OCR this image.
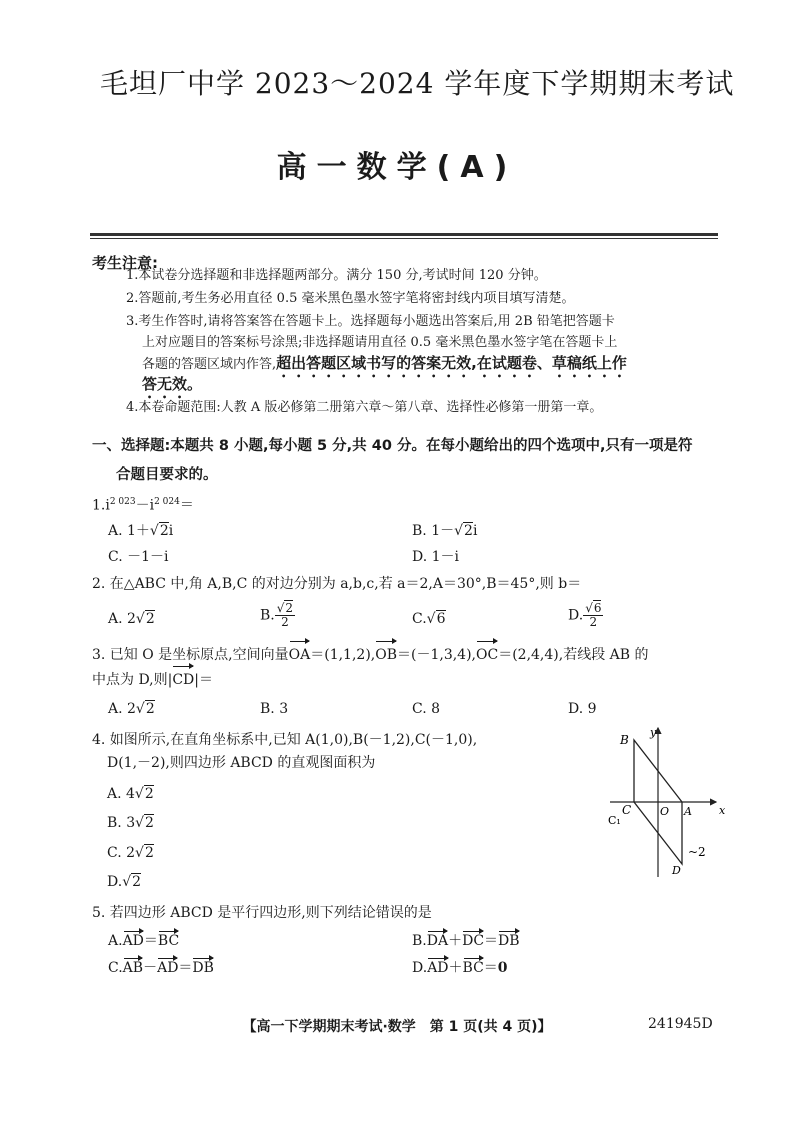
毛坦厂中学 2023～2024 学年度下学期期末考试
高一数学(A)
考生注意:
1.本试卷分选择题和非选择题两部分。满分 150 分,考试时间 120 分钟。
2.答题前,考生务必用直径 0.5 毫米黑色墨水签字笔将密封线内项目填写清楚。
3.考生作答时,请将答案答在答题卡上。选择题每小题选出答案后,用 2B 铅笔把答题卡
上对应题目的答案标号涂黑;非选择题请用直径 0.5 毫米黑色墨水签字笔在答题卡上
各题的答题区域内作答,超出答题区域书写的答案无效,在试题卷、草稿纸上作
答无效。
4.本卷命题范围:人教 A 版必修第二册第六章～第八章、选择性必修第一册第一章。
一、选择题:本题共 8 小题,每小题 5 分,共 40 分。在每小题给出的四个选项中,只有一项是符
合题目要求的。
$1.i^{2 023}-i^{2 024}=$
A. 1＋√2i	B. 1－√2i
C. －1－i	D. 1－i
2. 在△ABC 中,角 A,B,C 的对边分别为 a,b,c,若 a＝2,A＝30°,B＝45°,则 b＝
A. 2√2	B. $\frac{√2}{2}$	C.√6	D. $\frac{√6}{2}$
3. 已知 O 是坐标原点,空间向量OA＝(1,1,2),OB＝(－1,3,4),OC＝(2,4,4),若线段 AB 的
中点为 D,则|CD|＝
A. 2√2	B. 3	C. 8	D. 9
4. 如图所示,在直角坐标系中,已知 A(1,0),B(－1,2),C(－1,0),
D(1,－2),则四边形 ABCD 的直观图面积为
A. 4√2
B. 3√2
C. 2√2
D.√2
y
x
B
C
C₁
O A
D
~2
5. 若四边形 ABCD 是平行四边形,则下列结论错误的是
A.AD＝BC	B.DA＋DC＝DB
C.AB－AD＝DB	D.AD＋BC＝0
【高一下学期期末考试·数学　第 1 页(共 4 页)】	241945D
